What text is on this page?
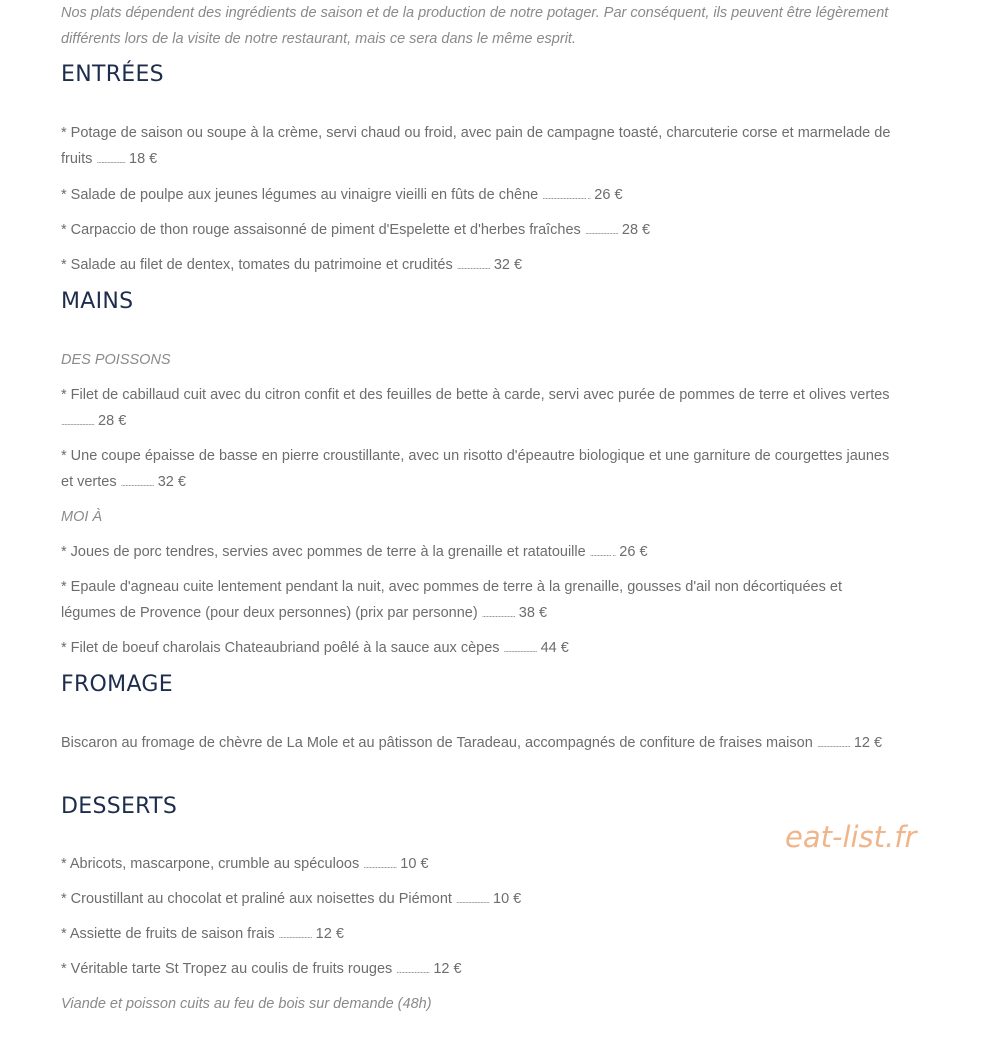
Nos plats dépendent des ingrédients de saison et de la production de notre potager. Par conséquent, ils peuvent être légèrement différents lors de la visite de notre restaurant, mais ce sera dans le même esprit.

ENTRÉES

* Potage de saison ou soupe à la crème, servi chaud ou froid, avec pain de campagne toasté, charcuterie corse et marmelade de fruits ................... 18 €

* Salade de poulpe aux jeunes légumes au vinaigre vieilli en fûts de chêne ............................. .. 26 €

* Carpaccio de thon rouge assaisonné de piment d'Espelette et d'herbes fraîches ...................... 28 €

* Salade au filet de dentex, tomates du patrimoine et crudités ...................... 32 €

MAINS

DES POISSONS

* Filet de cabillaud cuit avec du citron confit et des feuilles de bette à carde, servi avec purée de pommes de terre et olives vertes ...................... 28 €

* Une coupe épaisse de basse en pierre croustillante, avec un risotto d'épeautre biologique et une garniture de courgettes jaunes et vertes ...................... 32 €

MOI À

* Joues de porc tendres, servies avec pommes de terre à la grenaille et ratatouille .............. .. 26 €

* Epaule d'agneau cuite lentement pendant la nuit, avec pommes de terre à la grenaille, gousses d'ail non décortiquées et légumes de Provence (pour deux personnes) (prix par personne) ...................... 38 €

* Filet de boeuf charolais Chateaubriand poêlé à la sauce aux cèpes ...................... 44 €

FROMAGE

Biscaron au fromage de chèvre de La Mole et au pâtisson de Taradeau, accompagnés de confiture de fraises maison ...................... 12 €

DESSERTS

* Abricots, mascarpone, crumble au spéculoos ...................... 10 €

* Croustillant au chocolat et praliné aux noisettes du Piémont ...................... 10 €

* Assiette de fruits de saison frais ...................... 12 €

* Véritable tarte St Tropez au coulis de fruits rouges ...................... 12 €

Viande et poisson cuits au feu de bois sur demande (48h)

eat-list.fr
